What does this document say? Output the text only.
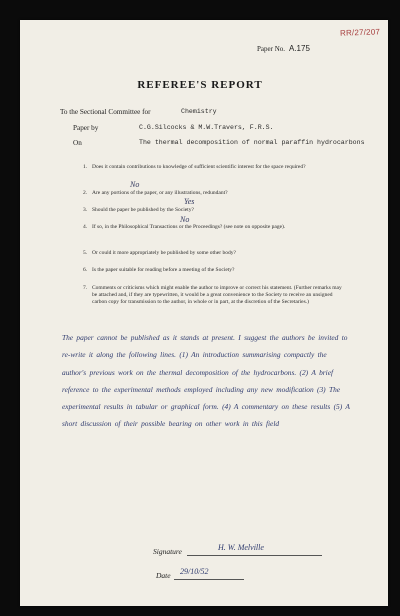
RR/27/207
Paper No. A.175
REFEREE'S REPORT
To the Sectional Committee for	Chemistry
Paper by	C.G.Silcocks & M.W.Travers, F.R.S.
On	The thermal decomposition of normal paraffin hydrocarbons
1. Does it contain contributions to knowledge of sufficient scientific interest for the space required?
No
2. Are any portions of the paper, or any illustrations, redundant?
Yes
3. Should the paper be published by the Society?
No
4. If so, in the Philosophical Transactions or the Proceedings? (see note on opposite page).
5. Or could it more appropriately be published by some other body?
6. Is the paper suitable for reading before a meeting of the Society?
7. Comments or criticisms which might enable the author to improve or correct his statement. (Further remarks may be attached and, if they are typewritten, it would be a great convenience to the Society to receive an unsigned carbon copy for transmission to the author, in whole or in part, at the discretion of the Secretaries.)
The paper cannot be published as it stands at present. I suggest the authors be invited to re-write it along the following lines. (1) An introduction summarising compactly the author's previous work on the thermal decomposition of the hydrocarbons. (2) A brief reference to the experimental methods employed including any new modification (3) The experimental results in tabular or graphical form. (4) A commentary on these results (5) A short discussion of their possible bearing on other work in this field
Signature	H. W. Melville
Date 29/10/52
